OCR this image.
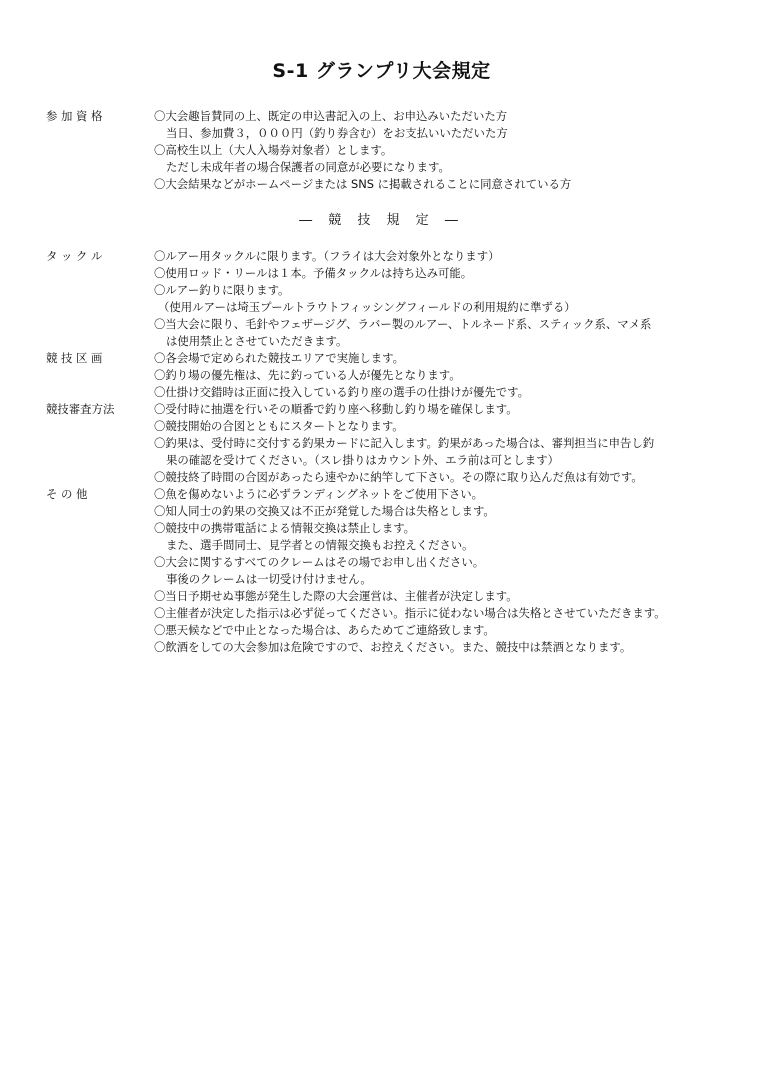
S-1 グランプリ大会規定
参 加 資 格	〇大会趣旨賛同の上、既定の申込書記入の上、お申込みいただいた方
当日、参加費３，０００円（釣り券含む）をお支払いいただいた方
〇高校生以上（大人入場券対象者）とします。
ただし未成年者の場合保護者の同意が必要になります。
〇大会結果などがホームページまたは SNS に掲載されることに同意されている方
― 競 技 規 定 ―
タ ッ ク ル	〇ルアー用タックルに限ります。（フライは大会対象外となります）
〇使用ロッド・リールは１本。予備タックルは持ち込み可能。
〇ルアー釣りに限ります。
（使用ルアーは埼玉プールトラウトフィッシングフィールドの利用規約に準ずる）
〇当大会に限り、毛針やフェザージグ、ラバー製のルアー、トルネード系、スティック系、マメ系
は使用禁止とさせていただきます。
競 技 区 画	〇各会場で定められた競技エリアで実施します。
〇釣り場の優先権は、先に釣っている人が優先となります。
〇仕掛け交錯時は正面に投入している釣り座の選手の仕掛けが優先です。
競技審査方法	〇受付時に抽選を行いその順番で釣り座へ移動し釣り場を確保します。
〇競技開始の合図とともにスタートとなります。
〇釣果は、受付時に交付する釣果カードに記入します。釣果があった場合は、審判担当に申告し釣
果の確認を受けてください。（スレ掛りはカウント外、エラ前は可とします）
〇競技終了時間の合図があったら速やかに納竿して下さい。その際に取り込んだ魚は有効です。
そ の 他	〇魚を傷めないように必ずランディングネットをご使用下さい。
〇知人同士の釣果の交換又は不正が発覚した場合は失格とします。
〇競技中の携帯電話による情報交換は禁止します。
また、選手間同士、見学者との情報交換もお控えください。
〇大会に関するすべてのクレームはその場でお申し出ください。
事後のクレームは一切受け付けません。
〇当日予期せぬ事態が発生した際の大会運営は、主催者が決定します。
〇主催者が決定した指示は必ず従ってください。指示に従わない場合は失格とさせていただきます。
〇悪天候などで中止となった場合は、あらためてご連絡致します。
〇飲酒をしての大会参加は危険ですので、お控えください。また、競技中は禁酒となります。
